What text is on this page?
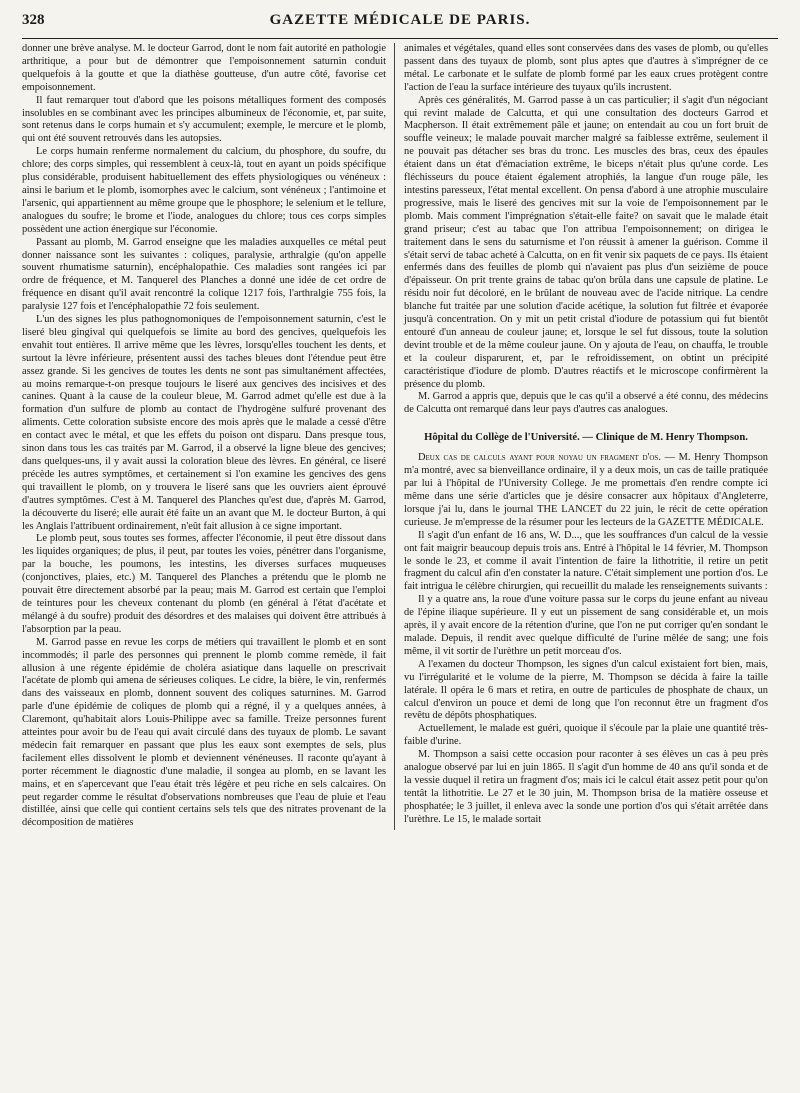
328	GAZETTE MÉDICALE DE PARIS.

donner une brève analyse. M. le docteur Garrod, dont le nom fait autorité en pathologie arthritique, a pour but de démontrer que l'empoisonnement saturnin conduit quelquefois à la goutte et que la diathèse goutteuse, d'un autre côté, favorise cet empoisonnement.

Il faut remarquer tout d'abord que les poisons métalliques forment des composés insolubles en se combinant avec les principes albumineux de l'économie, et, par suite, sont retenus dans le corps humain et s'y accumulent; exemple, le mercure et le plomb, qui ont été souvent retrouvés dans les autopsies.

Le corps humain renferme normalement du calcium, du phosphore, du soufre, du chlore; des corps simples, qui ressemblent à ceux-là, tout en ayant un poids spécifique plus considérable, produisent habituellement des effets physiologiques ou vénéneux : ainsi le barium et le plomb, isomorphes avec le calcium, sont vénéneux ; l'antimoine et l'arsenic, qui appartiennent au même groupe que le phosphore; le selenium et le tellure, analogues du soufre; le brome et l'iode, analogues du chlore; tous ces corps simples possèdent une action énergique sur l'économie.

Passant au plomb, M. Garrod enseigne que les maladies auxquelles ce métal peut donner naissance sont les suivantes : coliques, paralysie, arthralgie (qu'on appelle souvent rhumatisme saturnin), encéphalopathie. Ces maladies sont rangées ici par ordre de fréquence, et M. Tanquerel des Planches a donné une idée de cet ordre de fréquence en disant qu'il avait rencontré la colique 1217 fois, l'arthralgie 755 fois, la paralysie 127 fois et l'encéphalopathie 72 fois seulement.

L'un des signes les plus pathognomoniques de l'empoisonnement saturnin, c'est le liseré bleu gingival qui quelquefois se limite au bord des gencives, quelquefois les envahit tout entières. Il arrive même que les lèvres, lorsqu'elles touchent les dents, et surtout la lèvre inférieure, présentent aussi des taches bleues dont l'étendue peut être assez grande. Si les gencives de toutes les dents ne sont pas simultanément affectées, au moins remarque-t-on presque toujours le liseré aux gencives des incisives et des canines. Quant à la cause de la couleur bleue, M. Garrod admet qu'elle est due à la formation d'un sulfure de plomb au contact de l'hydrogène sulfuré provenant des aliments. Cette coloration subsiste encore des mois après que le malade a cessé d'être en contact avec le métal, et que les effets du poison ont disparu. Dans presque tous, sinon dans tous les cas traités par M. Garrod, il a observé la ligne bleue des gencives; dans quelques-uns, il y avait aussi la coloration bleue des lèvres. En général, ce liseré précède les autres symptômes, et certainement si l'on examine les gencives des gens qui travaillent le plomb, on y trouvera le liseré sans que les ouvriers aient éprouvé d'autres symptômes. C'est à M. Tanquerel des Planches qu'est due, d'après M. Garrod, la découverte du liseré; elle aurait été faite un an avant que M. le docteur Burton, à qui les Anglais l'attribuent ordinairement, n'eût fait allusion à ce signe important.

Le plomb peut, sous toutes ses formes, affecter l'économie, il peut être dissout dans les liquides organiques; de plus, il peut, par toutes les voies, pénétrer dans l'organisme, par la bouche, les poumons, les intestins, les diverses surfaces muqueuses (conjonctives, plaies, etc.) M. Tanquerel des Planches a prétendu que le plomb ne pouvait être directement absorbé par la peau; mais M. Garrod est certain que l'emploi de teintures pour les cheveux contenant du plomb (en général à l'état d'acétate et mélangé à du soufre) produit des désordres et des malaises qui doivent être attribués à l'absorption par la peau.

M. Garrod passe en revue les corps de métiers qui travaillent le plomb et en sont incommodés; il parle des personnes qui prennent le plomb comme remède, il fait allusion à une régente épidémie de choléra asiatique dans laquelle on prescrivait l'acétate de plomb qui amena de sérieuses coliques. Le cidre, la bière, le vin, renfermés dans des vaisseaux en plomb, donnent souvent des coliques saturnines. M. Garrod parle d'une épidémie de coliques de plomb qui a régné, il y a quelques années, à Claremont, qu'habitait alors Louis-Philippe avec sa famille. Treize personnes furent atteintes pour avoir bu de l'eau qui avait circulé dans des tuyaux de plomb. Le savant médecin fait remarquer en passant que plus les eaux sont exemptes de sels, plus facilement elles dissolvent le plomb et deviennent vénéneuses. Il raconte qu'ayant à porter récemment le diagnostic d'une maladie, il songea au plomb, en se lavant les mains, et en s'apercevant que l'eau était très légère et peu riche en sels calcaires. On peut regarder comme le résultat d'observations nombreuses que l'eau de pluie et l'eau distillée, ainsi que celle qui contient certains sels tels que des nitrates provenant de la décomposition de matières

animales et végétales, quand elles sont conservées dans des vases de plomb, ou qu'elles passent dans des tuyaux de plomb, sont plus aptes que d'autres à s'imprégner de ce métal. Le carbonate et le sulfate de plomb formé par les eaux crues protègent contre l'action de l'eau la surface intérieure des tuyaux qu'ils incrustent.

Après ces généralités, M. Garrod passe à un cas particulier; il s'agit d'un négociant qui revint malade de Calcutta, et qui une consultation des docteurs Garrod et Macpherson. Il était extrêmement pâle et jaune; on entendait au cou un fort bruit de souffle veineux; le malade pouvait marcher malgré sa faiblesse extrême, seulement il ne pouvait pas détacher ses bras du tronc. Les muscles des bras, ceux des épaules étaient dans un état d'émaciation extrême, le biceps n'était plus qu'une corde. Les fléchisseurs du pouce étaient également atrophiés, la langue d'un rouge pâle, les intestins paresseux, l'état mental excellent. On pensa d'abord à une atrophie musculaire progressive, mais le liseré des gencives mit sur la voie de l'empoisonnement par le plomb. Mais comment l'imprégnation s'était-elle faite? on savait que le malade était grand priseur; c'est au tabac que l'on attribua l'empoisonnement; on dirigea le traitement dans le sens du saturnisme et l'on réussit à amener la guérison. Comme il s'était servi de tabac acheté à Calcutta, on en fit venir six paquets de ce pays. Ils étaient enfermés dans des feuilles de plomb qui n'avaient pas plus d'un seizième de pouce d'épaisseur. On prit trente grains de tabac qu'on brûla dans une capsule de platine. Le résidu noir fut décoloré, en le brûlant de nouveau avec de l'acide nitrique. La cendre blanche fut traitée par une solution d'acide acétique, la solution fut filtrée et évaporée jusqu'à concentration. On y mit un petit cristal d'iodure de potassium qui fut bientôt entouré d'un anneau de couleur jaune; et, lorsque le sel fut dissous, toute la solution devint trouble et de la même couleur jaune. On y ajouta de l'eau, on chauffa, le trouble et la couleur disparurent, et, par le refroidissement, on obtint un précipité caractéristique d'iodure de plomb. D'autres réactifs et le microscope confirmèrent la présence du plomb.

M. Garrod a appris que, depuis que le cas qu'il a observé a été connu, des médecins de Calcutta ont remarqué dans leur pays d'autres cas analogues.

Hôpital du Collège de l'Université. — Clinique de M. Henry Thompson.

Deux cas de calculs ayant pour noyau un fragment d'os. — M. Henry Thompson m'a montré, avec sa bienveillance ordinaire, il y a deux mois, un cas de taille pratiquée par lui à l'hôpital de l'University College. Je me promettais d'en rendre compte ici même dans une série d'articles que je désire consacrer aux hôpitaux d'Angleterre, lorsque j'ai lu, dans le journal THE LANCET du 22 juin, le récit de cette opération curieuse. Je m'empresse de la résumer pour les lecteurs de la GAZETTE MÉDICALE.

Il s'agit d'un enfant de 16 ans, W. D..., que les souffrances d'un calcul de la vessie ont fait maigrir beaucoup depuis trois ans. Entré à l'hôpital le 14 février, M. Thompson le sonde le 23, et comme il avait l'intention de faire la lithotritie, il retire un petit fragment du calcul afin d'en constater la nature. C'était simplement une portion d'os. Le fait intrigua le célèbre chirurgien, qui recueillit du malade les renseignements suivants :

Il y a quatre ans, la roue d'une voiture passa sur le corps du jeune enfant au niveau de l'épine iliaque supérieure. Il y eut un pissement de sang considérable et, un mois après, il y avait encore de la rétention d'urine, que l'on ne put corriger qu'en sondant le malade. Depuis, il rendit avec quelque difficulté de l'urine mêlée de sang; une fois même, il vit sortir de l'urèthre un petit morceau d'os.

A l'examen du docteur Thompson, les signes d'un calcul existaient fort bien, mais, vu l'irrégularité et le volume de la pierre, M. Thompson se décida à faire la taille latérale. Il opéra le 6 mars et retira, en outre de particules de phosphate de chaux, un calcul d'environ un pouce et demi de long que l'on reconnut être un fragment d'os revêtu de dépôts phosphatiques.

Actuellement, le malade est guéri, quoique il s'écoule par la plaie une quantité très-faible d'urine.

M. Thompson a saisi cette occasion pour raconter à ses élèves un cas à peu près analogue observé par lui en juin 1865. Il s'agit d'un homme de 40 ans qu'il sonda et de la vessie duquel il retira un fragment d'os; mais ici le calcul était assez petit pour qu'on tentât la lithotritie. Le 27 et le 30 juin, M. Thompson brisa de la matière osseuse et phosphatée; le 3 juillet, il enleva avec la sonde une portion d'os qui s'était arrêtée dans l'urèthre. Le 15, le malade sortait
